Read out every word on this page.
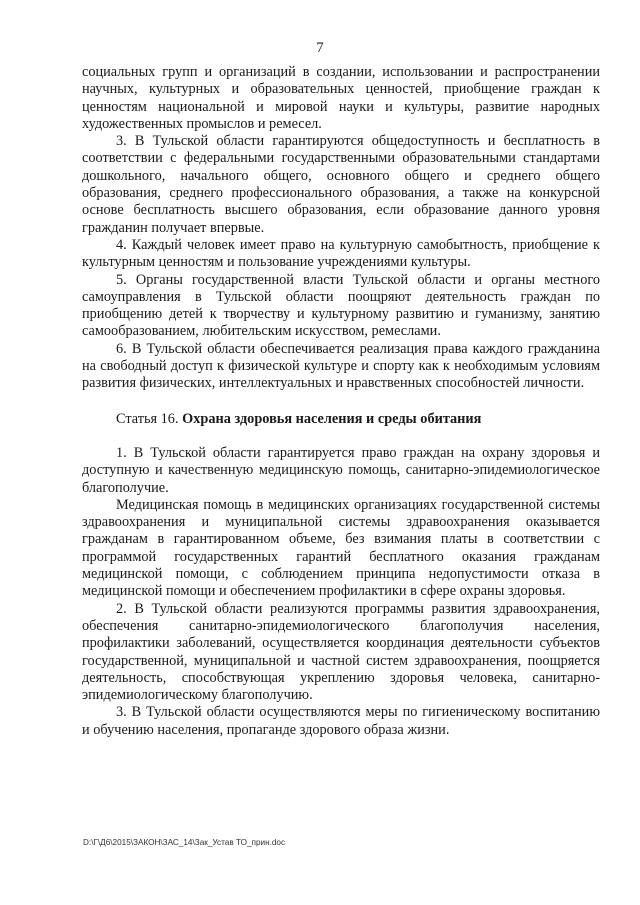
7

социальных групп и организаций в создании, использовании и распространении научных, культурных и образовательных ценностей, приобщение граждан к ценностям национальной и мировой науки и культуры, развитие народных художественных промыслов и ремесел.

3. В Тульской области гарантируются общедоступность и бесплатность в соответствии с федеральными государственными образовательными стандартами дошкольного, начального общего, основного общего и среднего общего образования, среднего профессионального образования, а также на конкурсной основе бесплатность высшего образования, если образование данного уровня гражданин получает впервые.

4. Каждый человек имеет право на культурную самобытность, приобщение к культурным ценностям и пользование учреждениями культуры.

5. Органы государственной власти Тульской области и органы местного самоуправления в Тульской области поощряют деятельность граждан по приобщению детей к творчеству и культурному развитию и гуманизму, занятию самообразованием, любительским искусством, ремеслами.

6. В Тульской области обеспечивается реализация права каждого гражданина на свободный доступ к физической культуре и спорту как к необходимым условиям развития физических, интеллектуальных и нравственных способностей личности.

Статья 16. Охрана здоровья населения и среды обитания

1. В Тульской области гарантируется право граждан на охрану здоровья и доступную и качественную медицинскую помощь, санитарно-эпидемиологическое благополучие.

Медицинская помощь в медицинских организациях государственной системы здравоохранения и муниципальной системы здравоохранения оказывается гражданам в гарантированном объеме, без взимания платы в соответствии с программой государственных гарантий бесплатного оказания гражданам медицинской помощи, с соблюдением принципа недопустимости отказа в медицинской помощи и обеспечением профилактики в сфере охраны здоровья.

2. В Тульской области реализуются программы развития здравоохранения, обеспечения санитарно-эпидемиологического благополучия населения, профилактики заболеваний, осуществляется координация деятельности субъектов государственной, муниципальной и частной систем здравоохранения, поощряется деятельность, способствующая укреплению здоровья человека, санитарно-эпидемиологическому благополучию.

3. В Тульской области осуществляются меры по гигиеническому воспитанию и обучению населения, пропаганде здорового образа жизни.

D:\Г\Д6\2015\ЗАКОН\ЗАС_14\Зак_Устав ТО_прин.doc
